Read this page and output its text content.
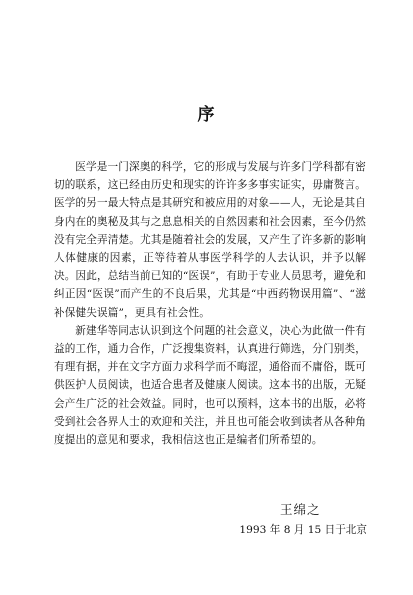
序

医学是一门深奥的科学，它的形成与发展与许多门学科都有密切的联系，这已经由历史和现实的许许多多事实证实，毋庸赘言。医学的另一最大特点是其研究和被应用的对象——人，无论是其自身内在的奥秘及其与之息息相关的自然因素和社会因素，至今仍然没有完全弄清楚。尤其是随着社会的发展，又产生了许多新的影响人体健康的因素，正等待着从事医学科学的人去认识，并予以解决。因此，总结当前已知的“医误”，有助于专业人员思考，避免和纠正因“医误”而产生的不良后果，尤其是“中西药物误用篇”、“滋补保健失误篇”，更具有社会性。

新建华等同志认识到这个问题的社会意义，决心为此做一件有益的工作，通力合作，广泛搜集资料，认真进行筛选，分门别类，有理有据，并在文字方面力求科学而不晦涩，通俗而不庸俗，既可供医护人员阅读，也适合患者及健康人阅读。这本书的出版，无疑会产生广泛的社会效益。同时，也可以预料，这本书的出版，必将受到社会各界人士的欢迎和关注，并且也可能会收到读者从各种角度提出的意见和要求，我相信这也正是编者们所希望的。

王绵之
1993 年 8 月 15 日于北京
